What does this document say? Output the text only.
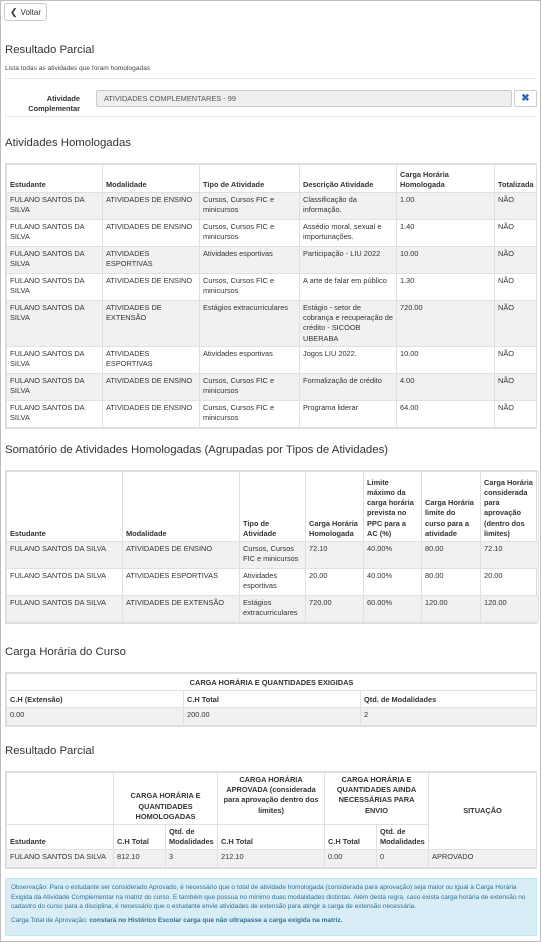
❮ Voltar
Resultado Parcial
Lista todas as atividades que foram homologadas
Atividade
Complementar
ATIVIDADES COMPLEMENTARES - 99	✖
Atividades Homologadas
Estudante	Modalidade	Tipo de Atividade	Descrição Atividade	Carga Horária Homologada	Totalizada
FULANO SANTOS DA SILVA	ATIVIDADES DE ENSINO	Cursos, Cursos FIC e minicursos	Classificação da informação.	1.00	NÃO
FULANO SANTOS DA SILVA	ATIVIDADES DE ENSINO	Cursos, Cursos FIC e minicursos	Assédio moral, sexual e importunações.	1.40	NÃO
FULANO SANTOS DA SILVA	ATIVIDADES ESPORTIVAS	Atividades esportivas	Participação - LIU 2022	10.00	NÃO
FULANO SANTOS DA SILVA	ATIVIDADES DE ENSINO	Cursos, Cursos FIC e minicursos	A arte de falar em público	1.30	NÃO
FULANO SANTOS DA SILVA	ATIVIDADES DE EXTENSÃO	Estágios extracurriculares	Estágio - setor de cobrança e recuperação de crédito - SICOOB UBERABA	720.00	NÃO
FULANO SANTOS DA SILVA	ATIVIDADES ESPORTIVAS	Atividades esportivas	Jogos LIU 2022.	10.00	NÃO
FULANO SANTOS DA SILVA	ATIVIDADES DE ENSINO	Cursos, Cursos FIC e minicursos	Formalização de crédito	4.00	NÃO
FULANO SANTOS DA SILVA	ATIVIDADES DE ENSINO	Cursos, Cursos FIC e minicursos	Programa liderar	64.00	NÃO
Somatório de Atividades Homologadas (Agrupadas por Tipos de Atividades)
Estudante	Modalidade	Tipo de Atividade	Carga Horária Homologada	Limite máximo da carga horária prevista no PPC para a AC (%)	Carga Horária limite do curso para a atividade	Carga Horária considerada para aprovação (dentro dos limites)
FULANO SANTOS DA SILVA	ATIVIDADES DE ENSINO	Cursos, Cursos FIC e minicursos	72.10	40.00%	80.00	72.10
FULANO SANTOS DA SILVA	ATIVIDADES ESPORTIVAS	Atividades esportivas	20.00	40.00%	80.00	20.00
FULANO SANTOS DA SILVA	ATIVIDADES DE EXTENSÃO	Estágios extracurriculares	720.00	60.00%	120.00	120.00
Carga Horária do Curso
CARGA HORÁRIA E QUANTIDADES EXIGIDAS		
C.H (Extensão)	C.H Total	Qtd. de Modalidades
0.00	200.00	2
Resultado Parcial
	CARGA HORÁRIA E QUANTIDADES HOMOLOGADAS		CARGA HORÁRIA APROVADA (considerada para aprovação dentro dos limites)	CARGA HORÁRIA E QUANTIDADES AINDA NECESSÁRIAS PARA ENVIO		SITUAÇÃO
Estudante	C.H Total	Qtd. de Modalidades	C.H Total	C.H Total	Qtd. de Modalidades	
FULANO SANTOS DA SILVA	812.10	3	212.10	0.00	0	APROVADO
Observação: Para o estudante ser considerado Aprovado, é necessário que o total de atividade homologada (considerada para aprovação) seja maior ou igual à Carga Horária Exigida da Atividade Complementar na matriz do curso. E também que possua no mínimo duas modalidades distintas. Além desta regra, caso exista carga horária de extensão no cadastro do curso para a disciplina, é necessário que o estudante envie atividades de extensão para atingir a carga de extensão necessária.
Carga Total de Aprovação: constará no Histórico Escolar carga que não ultrapasse a carga exigida na matriz.
